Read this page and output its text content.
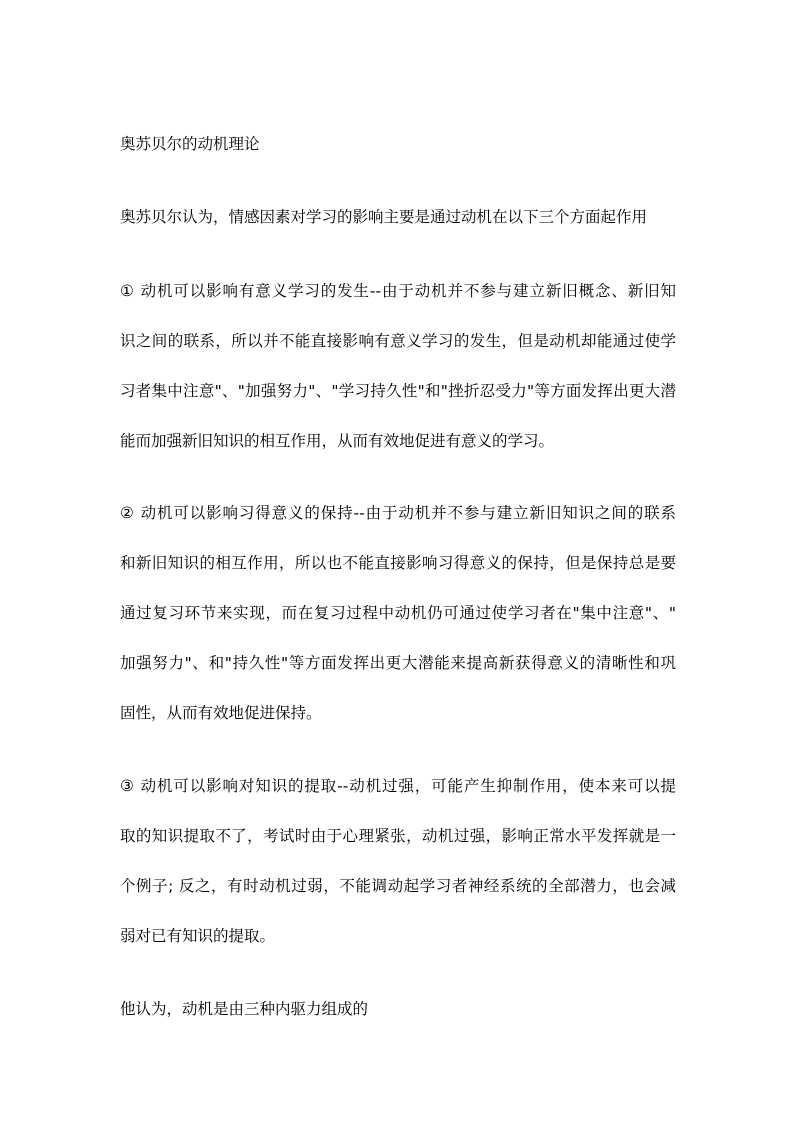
奥苏贝尔的动机理论
奥苏贝尔认为，情感因素对学习的影响主要是通过动机在以下三个方面起作用
① 动机可以影响有意义学习的发生--由于动机并不参与建立新旧概念、新旧知
识之间的联系，所以并不能直接影响有意义学习的发生，但是动机却能通过使学
习者集中注意"、"加强努力"、"学习持久性"和"挫折忍受力"等方面发挥出更大潜
能而加强新旧知识的相互作用，从而有效地促进有意义的学习。
② 动机可以影响习得意义的保持--由于动机并不参与建立新旧知识之间的联系
和新旧知识的相互作用，所以也不能直接影响习得意义的保持，但是保持总是要
通过复习环节来实现，而在复习过程中动机仍可通过使学习者在"集中注意"、"
加强努力"、和"持久性"等方面发挥出更大潜能来提高新获得意义的清晰性和巩
固性，从而有效地促进保持。
③ 动机可以影响对知识的提取--动机过强，可能产生抑制作用，使本来可以提
取的知识提取不了，考试时由于心理紧张，动机过强，影响正常水平发挥就是一
个例子; 反之，有时动机过弱，不能调动起学习者神经系统的全部潜力，也会减
弱对已有知识的提取。
他认为，动机是由三种内驱力组成的
